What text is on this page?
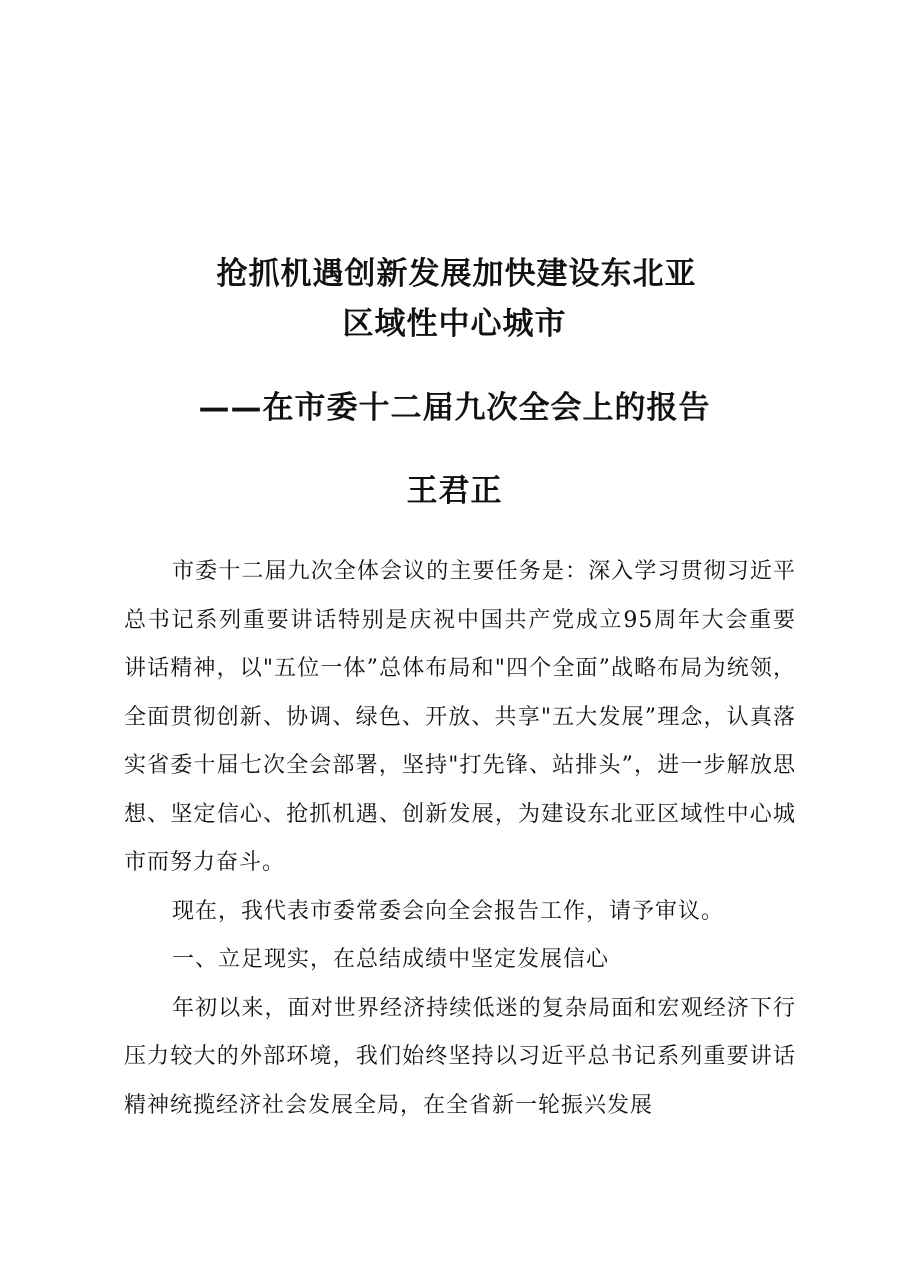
抢抓机遇创新发展加快建设东北亚
区域性中心城市
——在市委十二届九次全会上的报告
王君正

市委十二届九次全体会议的主要任务是：深入学习贯彻习近平总书记系列重要讲话特别是庆祝中国共产党成立95周年大会重要讲话精神，以"五位一体”总体布局和"四个全面”战略布局为统领，全面贯彻创新、协调、绿色、开放、共享"五大发展”理念，认真落实省委十届七次全会部署，坚持"打先锋、站排头”，进一步解放思想、坚定信心、抢抓机遇、创新发展，为建设东北亚区域性中心城市而努力奋斗。

现在，我代表市委常委会向全会报告工作，请予审议。

一、立足现实，在总结成绩中坚定发展信心

年初以来，面对世界经济持续低迷的复杂局面和宏观经济下行压力较大的外部环境，我们始终坚持以习近平总书记系列重要讲话精神统揽经济社会发展全局，在全省新一轮振兴发展
